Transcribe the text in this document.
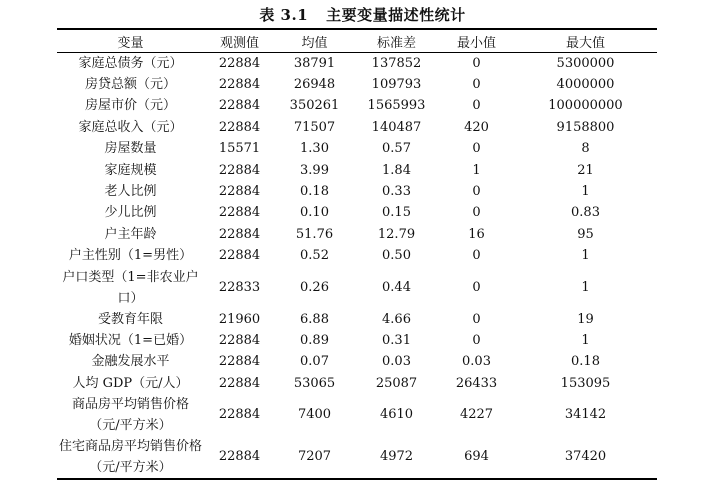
表 3.1 主要变量描述性统计
变量	观测值	均值	标准差	最小值	最大值
家庭总债务（元）	22884	38791	137852	0	5300000
房贷总额（元）	22884	26948	109793	0	4000000
房屋市价（元）	22884	350261	1565993	0	100000000
家庭总收入（元）	22884	71507	140487	420	9158800
房屋数量	15571	1.30	0.57	0	8
家庭规模	22884	3.99	1.84	1	21
老人比例	22884	0.18	0.33	0	1
少儿比例	22884	0.10	0.15	0	0.83
户主年龄	22884	51.76	12.79	16	95
户主性别（1=男性）	22884	0.52	0.50	0	1
户口类型（1=非农业户口）	22833	0.26	0.44	0	1
受教育年限	21960	6.88	4.66	0	19
婚姻状况（1=已婚）	22884	0.89	0.31	0	1
金融发展水平	22884	0.07	0.03	0.03	0.18
人均 GDP（元/人）	22884	53065	25087	26433	153095
商品房平均销售价格（元/平方米）	22884	7400	4610	4227	34142
住宅商品房平均销售价格（元/平方米）	22884	7207	4972	694	37420
